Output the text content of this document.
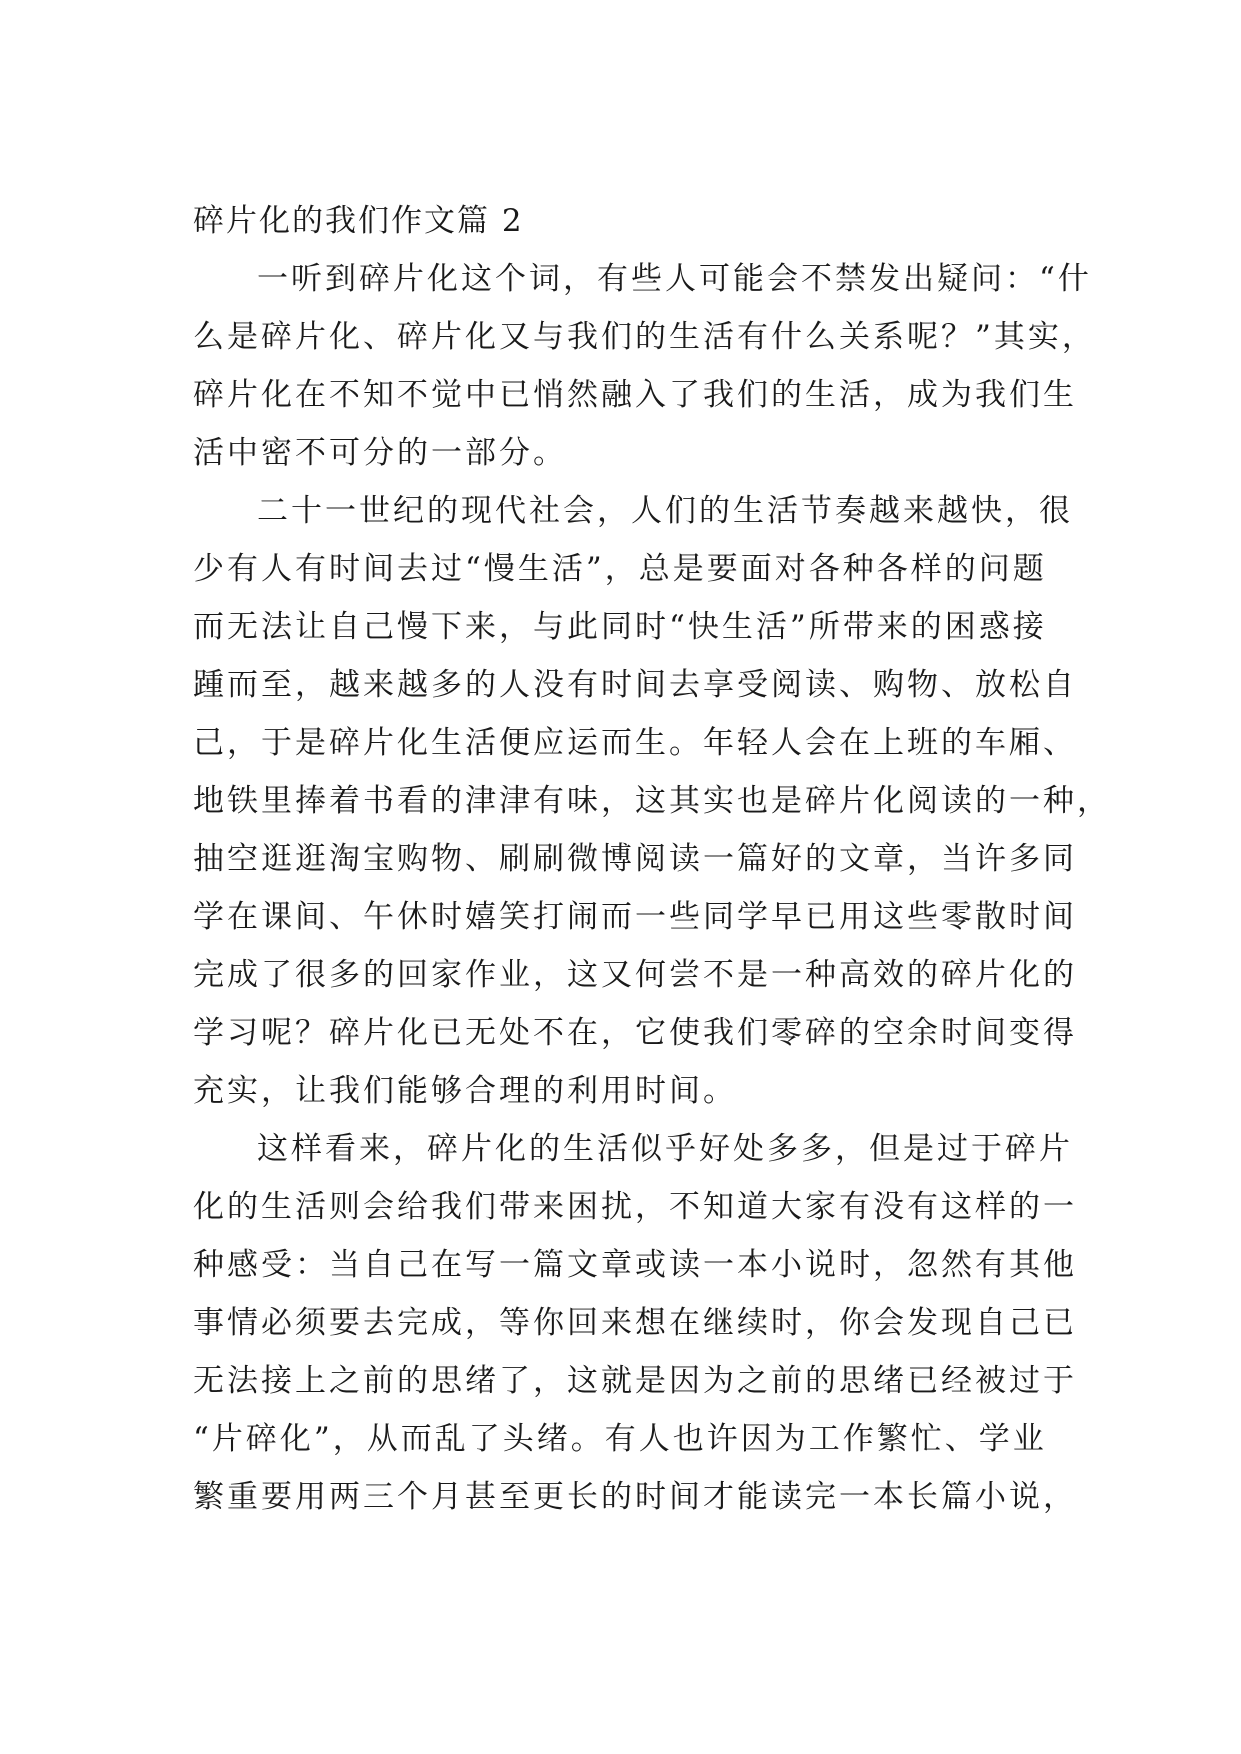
碎片化的我们作文篇 2
一听到碎片化这个词，有些人可能会不禁发出疑问：“什
么是碎片化、碎片化又与我们的生活有什么关系呢？”其实，
碎片化在不知不觉中已悄然融入了我们的生活，成为我们生
活中密不可分的一部分。
二十一世纪的现代社会，人们的生活节奏越来越快，很
少有人有时间去过“慢生活”，总是要面对各种各样的问题
而无法让自己慢下来，与此同时“快生活”所带来的困惑接
踵而至，越来越多的人没有时间去享受阅读、购物、放松自
己，于是碎片化生活便应运而生。年轻人会在上班的车厢、
地铁里捧着书看的津津有味，这其实也是碎片化阅读的一种，
抽空逛逛淘宝购物、刷刷微博阅读一篇好的文章，当许多同
学在课间、午休时嬉笑打闹而一些同学早已用这些零散时间
完成了很多的回家作业，这又何尝不是一种高效的碎片化的
学习呢？碎片化已无处不在，它使我们零碎的空余时间变得
充实，让我们能够合理的利用时间。
这样看来，碎片化的生活似乎好处多多，但是过于碎片
化的生活则会给我们带来困扰，不知道大家有没有这样的一
种感受：当自己在写一篇文章或读一本小说时，忽然有其他
事情必须要去完成，等你回来想在继续时，你会发现自己已
无法接上之前的思绪了，这就是因为之前的思绪已经被过于
“片碎化”，从而乱了头绪。有人也许因为工作繁忙、学业
繁重要用两三个月甚至更长的时间才能读完一本长篇小说，
